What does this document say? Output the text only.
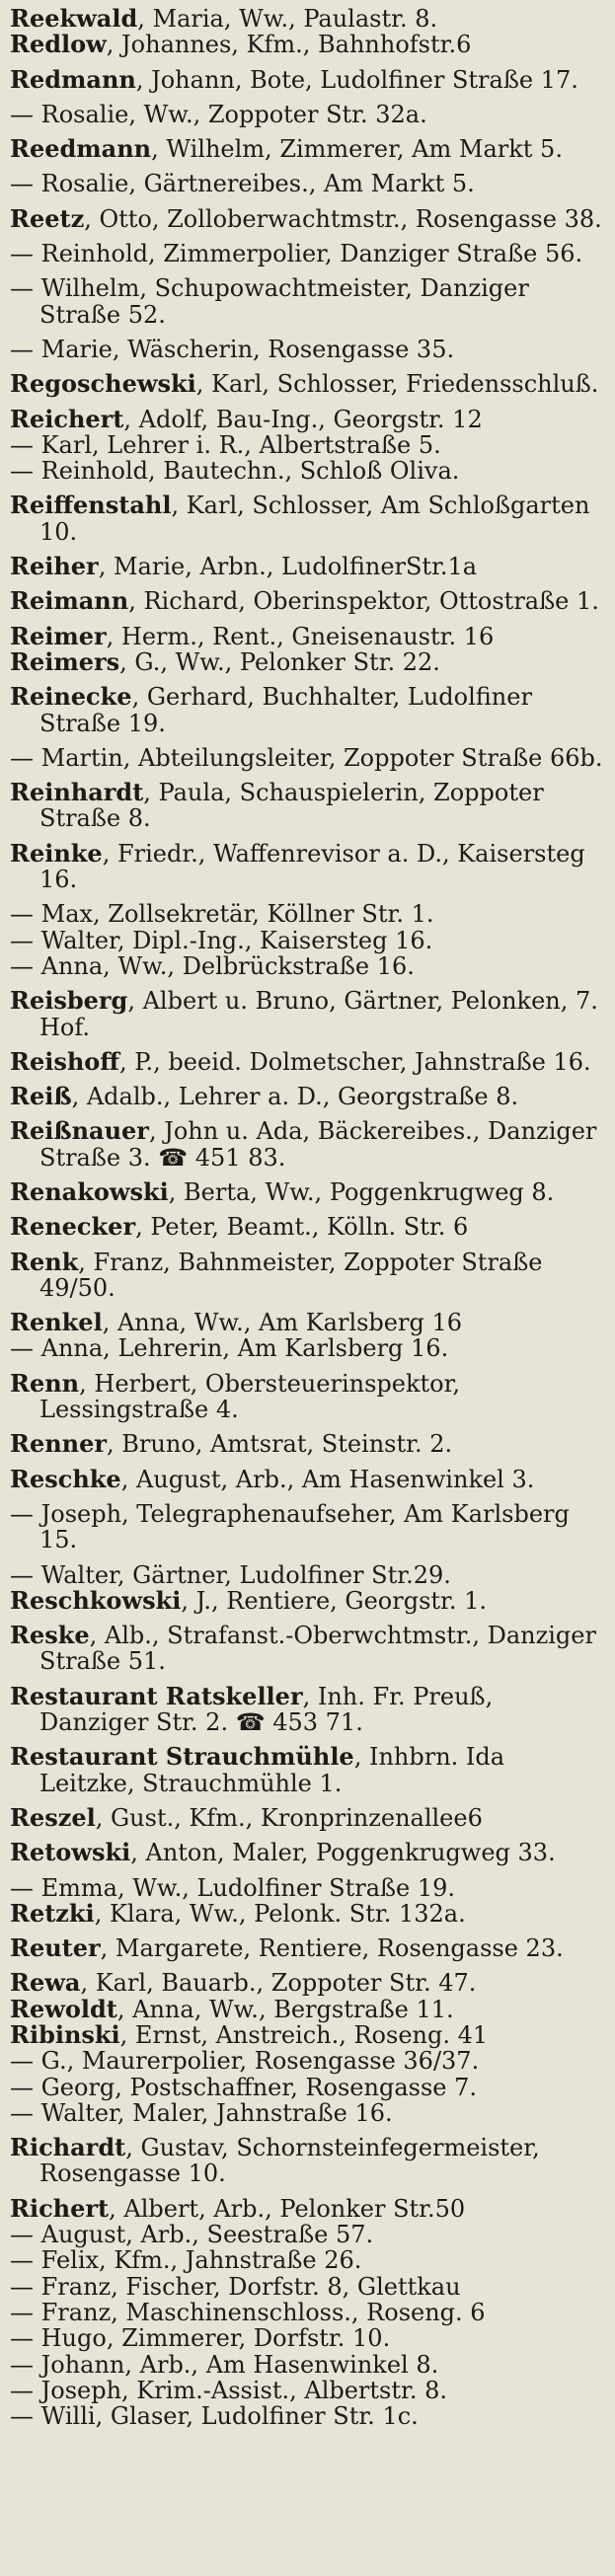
Reekwald, Maria, Ww., Paulastr. 8.
Redlow, Johannes, Kfm., Bahnhofstr.6
Redmann, Johann, Bote, Ludolfiner Straße 17.
— Rosalie, Ww., Zoppoter Str. 32a.
Reedmann, Wilhelm, Zimmerer, Am Markt 5.
— Rosalie, Gärtnereibes., Am Markt 5.
Reetz, Otto, Zolloberwachtmstr., Rosengasse 38.
— Reinhold, Zimmerpolier, Danziger Straße 56.
— Wilhelm, Schupowachtmeister, Danziger Straße 52.
— Marie, Wäscherin, Rosengasse 35.
Regoschewski, Karl, Schlosser, Friedensschluß.
Reichert, Adolf, Bau-Ing., Georgstr. 12
— Karl, Lehrer i. R., Albertstraße 5.
— Reinhold, Bautechn., Schloß Oliva.
Reiffenstahl, Karl, Schlosser, Am Schloßgarten 10.
Reiher, Marie, Arbn., LudolfinerStr.1a
Reimann, Richard, Oberinspektor, Ottostraße 1.
Reimer, Herm., Rent., Gneisenaustr. 16
Reimers, G., Ww., Pelonker Str. 22.
Reinecke, Gerhard, Buchhalter, Ludolfiner Straße 19.
— Martin, Abteilungsleiter, Zoppoter Straße 66b.
Reinhardt, Paula, Schauspielerin, Zoppoter Straße 8.
Reinke, Friedr., Waffenrevisor a. D., Kaisersteg 16.
— Max, Zollsekretär, Köllner Str. 1.
— Walter, Dipl.-Ing., Kaisersteg 16.
— Anna, Ww., Delbrückstraße 16.
Reisberg, Albert u. Bruno, Gärtner, Pelonken, 7. Hof.
Reishoff, P., beeid. Dolmetscher, Jahnstraße 16.
Reiß, Adalb., Lehrer a. D., Georgstraße 8.
Reißnauer, John u. Ada, Bäckereibes., Danziger Straße 3. ☎ 451 83.
Renakowski, Berta, Ww., Poggenkrugweg 8.
Renecker, Peter, Beamt., Kölln. Str. 6
Renk, Franz, Bahnmeister, Zoppoter Straße 49/50.
Renkel, Anna, Ww., Am Karlsberg 16
— Anna, Lehrerin, Am Karlsberg 16.
Renn, Herbert, Obersteuerinspektor, Lessingstraße 4.
Renner, Bruno, Amtsrat, Steinstr. 2.
Reschke, August, Arb., Am Hasenwinkel 3.
— Joseph, Telegraphenaufseher, Am Karlsberg 15.
— Walter, Gärtner, Ludolfiner Str.29.
Reschkowski, J., Rentiere, Georgstr. 1.
Reske, Alb., Strafanst.-Oberwchtmstr., Danziger Straße 51.
Restaurant Ratskeller, Inh. Fr. Preuß, Danziger Str. 2. ☎ 453 71.
Restaurant Strauchmühle, Inhbrn. Ida Leitzke, Strauchmühle 1.
Reszel, Gust., Kfm., Kronprinzenallee6
Retowski, Anton, Maler, Poggenkrugweg 33.
— Emma, Ww., Ludolfiner Straße 19.
Retzki, Klara, Ww., Pelonk. Str. 132a.
Reuter, Margarete, Rentiere, Rosengasse 23.
Rewa, Karl, Bauarb., Zoppoter Str. 47.
Rewoldt, Anna, Ww., Bergstraße 11.
Ribinski, Ernst, Anstreich., Roseng. 41
— G., Maurerpolier, Rosengasse 36/37.
— Georg, Postschaffner, Rosengasse 7.
— Walter, Maler, Jahnstraße 16.
Richardt, Gustav, Schornsteinfegermeister, Rosengasse 10.
Richert, Albert, Arb., Pelonker Str.50
— August, Arb., Seestraße 57.
— Felix, Kfm., Jahnstraße 26.
— Franz, Fischer, Dorfstr. 8, Glettkau
— Franz, Maschinenschloss., Roseng. 6
— Hugo, Zimmerer, Dorfstr. 10.
— Johann, Arb., Am Hasenwinkel 8.
— Joseph, Krim.-Assist., Albertstr. 8.
— Willi, Glaser, Ludolfiner Str. 1c.
